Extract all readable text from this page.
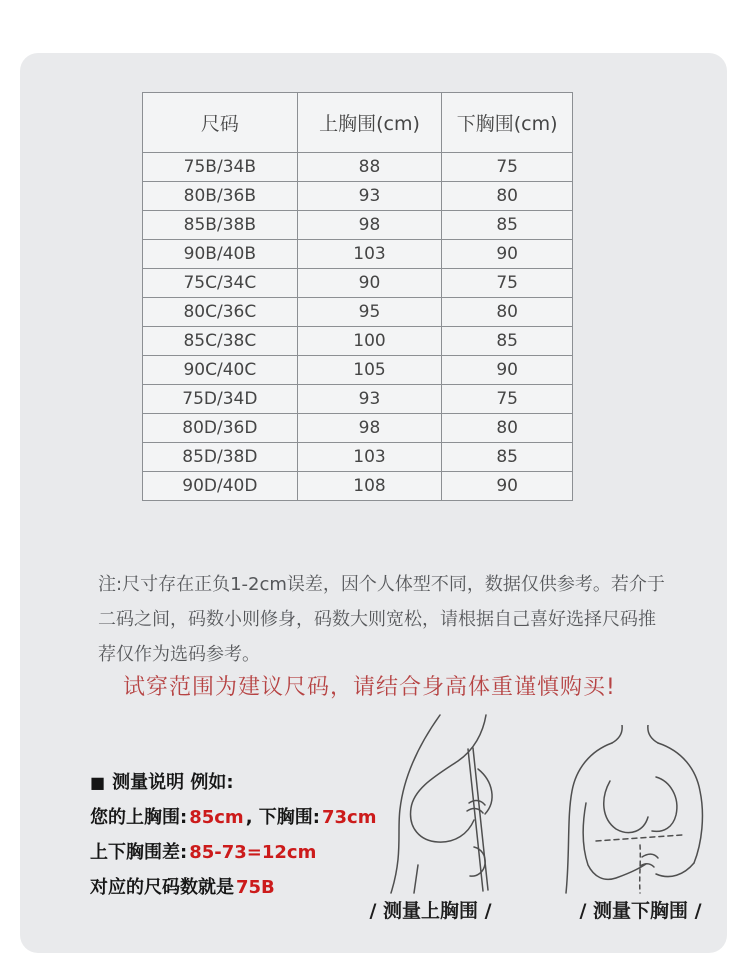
尺码	上胸围(cm)	下胸围(cm)
75B/34B	88	75
80B/36B	93	80
85B/38B	98	85
90B/40B	103	90
75C/34C	90	75
80C/36C	95	80
85C/38C	100	85
90C/40C	105	90
75D/34D	93	75
80D/36D	98	80
85D/38D	103	85
90D/40D	108	90
注:尺寸存在正负1-2cm误差，因个人体型不同，数据仅供参考。若介于
二码之间，码数小则修身，码数大则宽松，请根据自己喜好选择尺码推
荐仅作为选码参考。
试穿范围为建议尺码，请结合身高体重谨慎购买!
■ 测量说明 例如:
您的上胸围: 85cm , 下胸围: 73cm
上下胸围差: 85-73=12cm
对应的尺码数就是 75B
/ 测量上胸围 /	/ 测量下胸围 /
